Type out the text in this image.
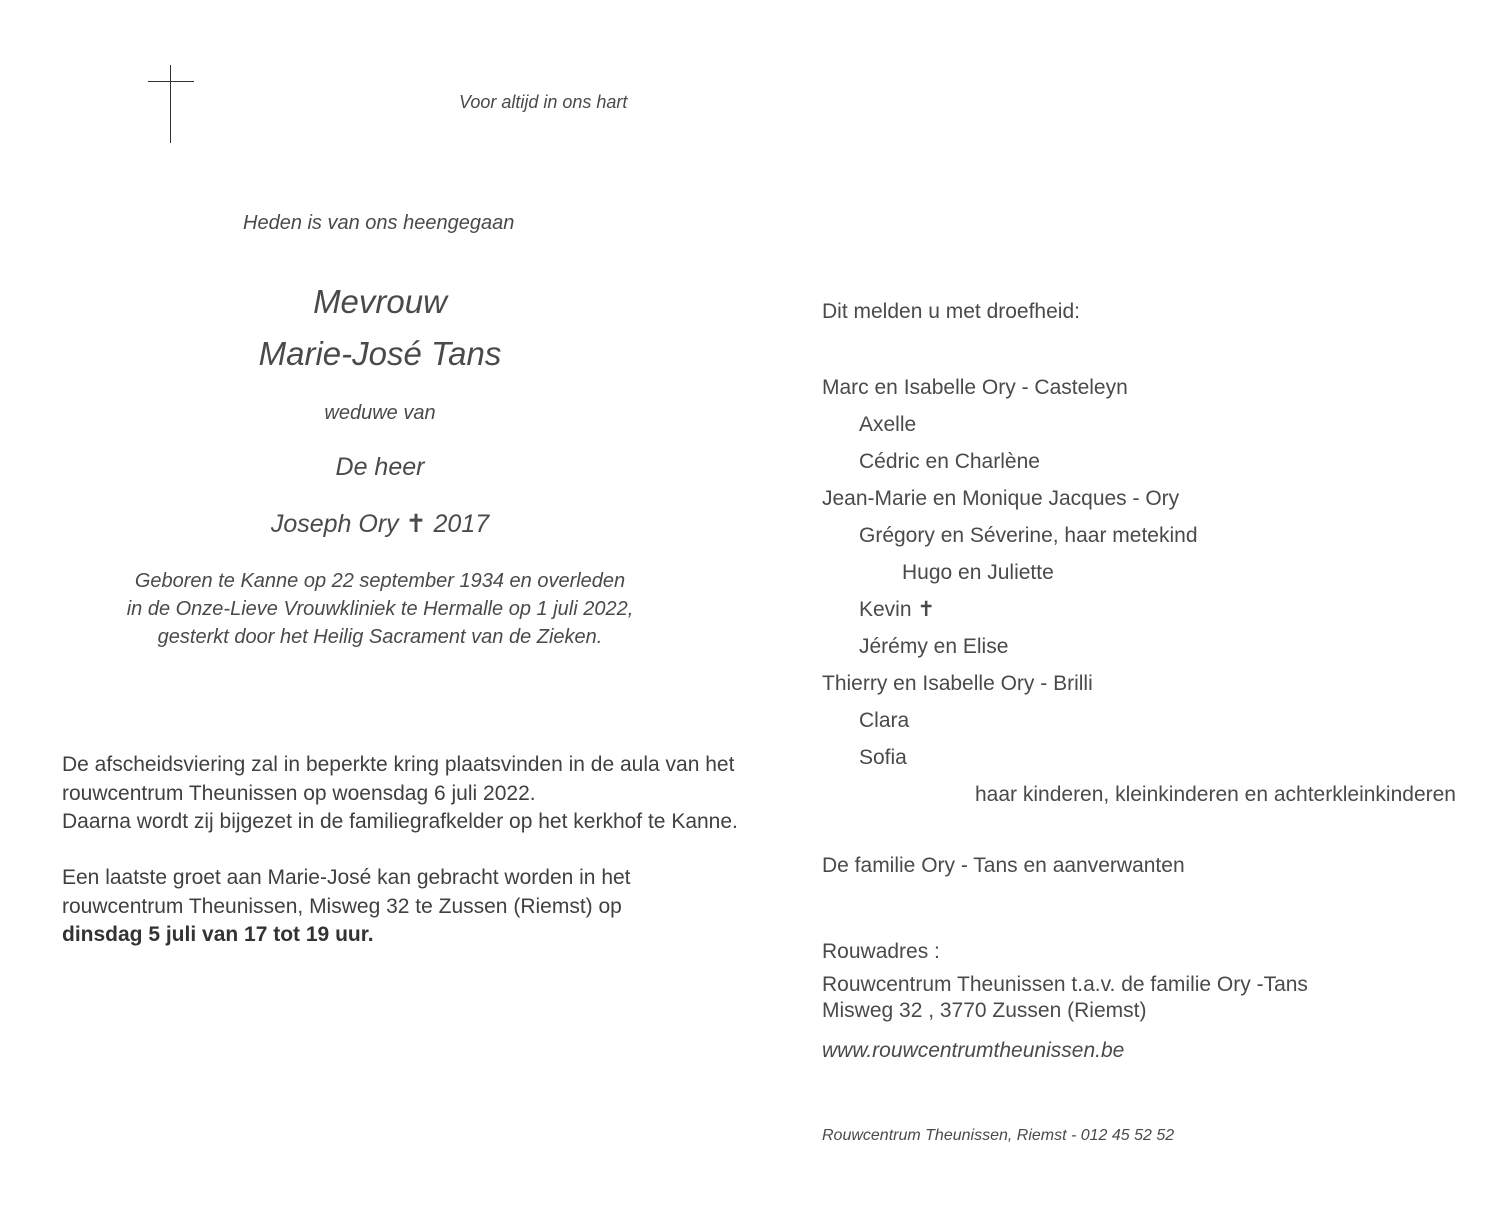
Voor altijd in ons hart
Heden is van ons heengegaan
Mevrouw
Marie-José Tans
weduwe van
De heer
Joseph Ory ✝ 2017
Geboren te Kanne op 22 september 1934 en overleden
in de Onze-Lieve Vrouwkliniek te Hermalle op 1 juli 2022,
gesterkt door het Heilig Sacrament van de Zieken.
De afscheidsviering zal in beperkte kring plaatsvinden in de aula van het
rouwcentrum Theunissen op woensdag 6 juli 2022.
Daarna wordt zij bijgezet in de familiegrafkelder op het kerkhof te Kanne.
Een laatste groet aan Marie-José kan gebracht worden in het
rouwcentrum Theunissen, Misweg 32 te Zussen (Riemst) op
dinsdag 5 juli van 17 tot 19 uur.
Dit melden u met droefheid:
Marc en Isabelle Ory - Casteleyn
Axelle
Cédric en Charlène
Jean-Marie en Monique Jacques - Ory
Grégory en Séverine, haar metekind
Hugo en Juliette
Kevin ✝
Jérémy en Elise
Thierry en Isabelle Ory - Brilli
Clara
Sofia
haar kinderen, kleinkinderen en achterkleinkinderen
De familie Ory - Tans en aanverwanten
Rouwadres :
Rouwcentrum Theunissen t.a.v. de familie Ory -Tans
Misweg 32 , 3770 Zussen (Riemst)
www.rouwcentrumtheunissen.be
Rouwcentrum Theunissen, Riemst - 012 45 52 52
